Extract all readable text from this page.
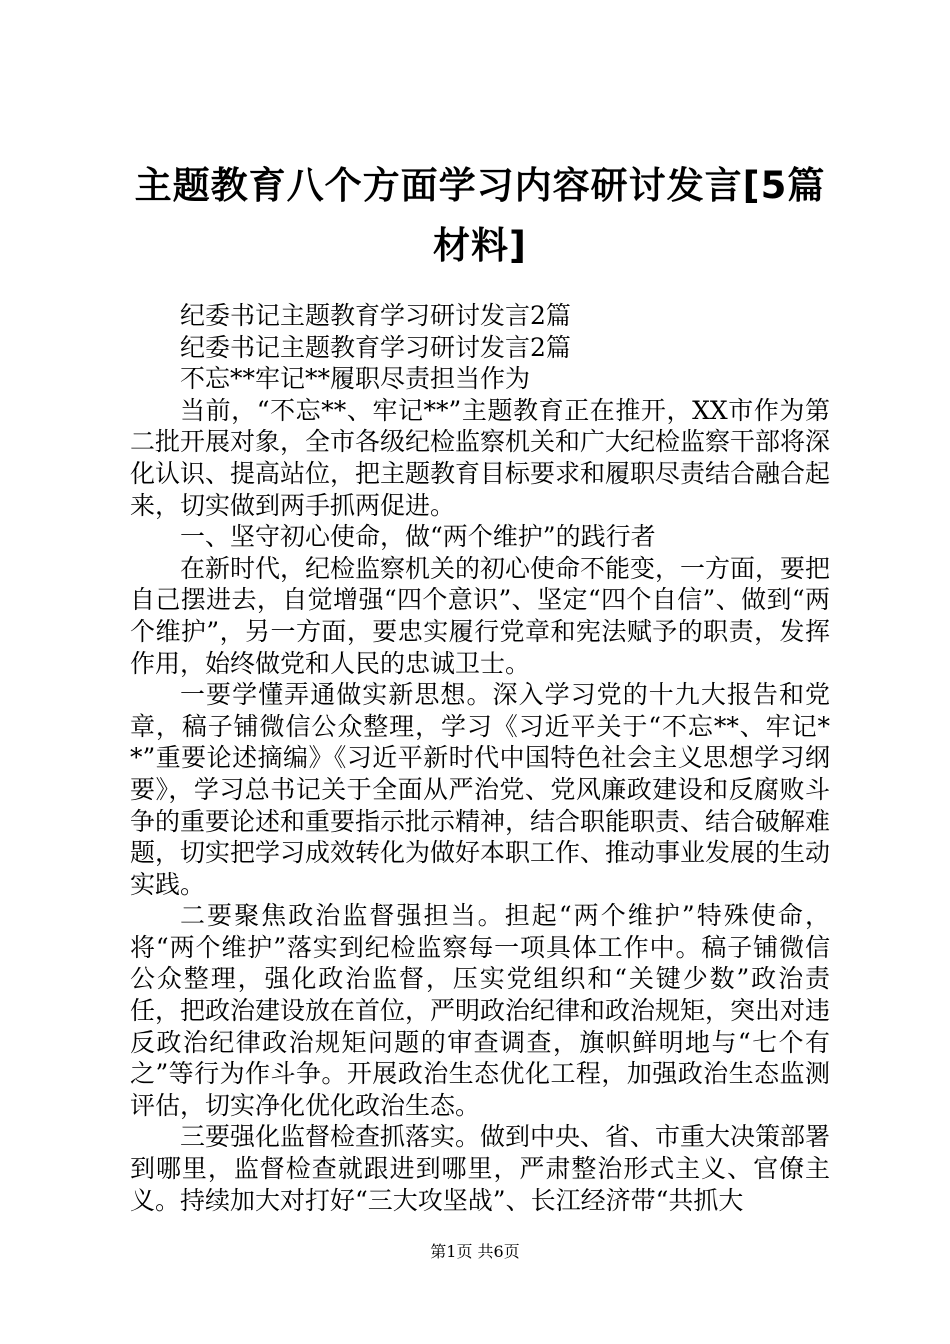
主题教育八个方面学习内容研讨发言[5篇材料]

纪委书记主题教育学习研讨发言2篇

纪委书记主题教育学习研讨发言2篇

不忘**牢记**履职尽责担当作为

当前，“不忘**、牢记**”主题教育正在推开，XX市作为第二批开展对象，全市各级纪检监察机关和广大纪检监察干部将深化认识、提高站位，把主题教育目标要求和履职尽责结合融合起来，切实做到两手抓两促进。

一、坚守初心使命，做“两个维护”的践行者

在新时代，纪检监察机关的初心使命不能变，一方面，要把自己摆进去，自觉增强“四个意识”、坚定“四个自信”、做到“两个维护”，另一方面，要忠实履行党章和宪法赋予的职责，发挥作用，始终做党和人民的忠诚卫士。

一要学懂弄通做实新思想。深入学习党的十九大报告和党章，稿子铺微信公众整理，学习《习近平关于“不忘**、牢记**”重要论述摘编》《习近平新时代中国特色社会主义思想学习纲要》，学习总书记关于全面从严治党、党风廉政建设和反腐败斗争的重要论述和重要指示批示精神，结合职能职责、结合破解难题，切实把学习成效转化为做好本职工作、推动事业发展的生动实践。

二要聚焦政治监督强担当。担起“两个维护”特殊使命，将“两个维护”落实到纪检监察每一项具体工作中。稿子铺微信公众整理，强化政治监督，压实党组织和“关键少数”政治责任，把政治建设放在首位，严明政治纪律和政治规矩，突出对违反政治纪律政治规矩问题的审查调查，旗帜鲜明地与“七个有之”等行为作斗争。开展政治生态优化工程，加强政治生态监测评估，切实净化优化政治生态。

三要强化监督检查抓落实。做到中央、省、市重大决策部署到哪里，监督检查就跟进到哪里，严肃整治形式主义、官僚主义。持续加大对打好“三大攻坚战”、长江经济带“共抓大

第1页 共6页
